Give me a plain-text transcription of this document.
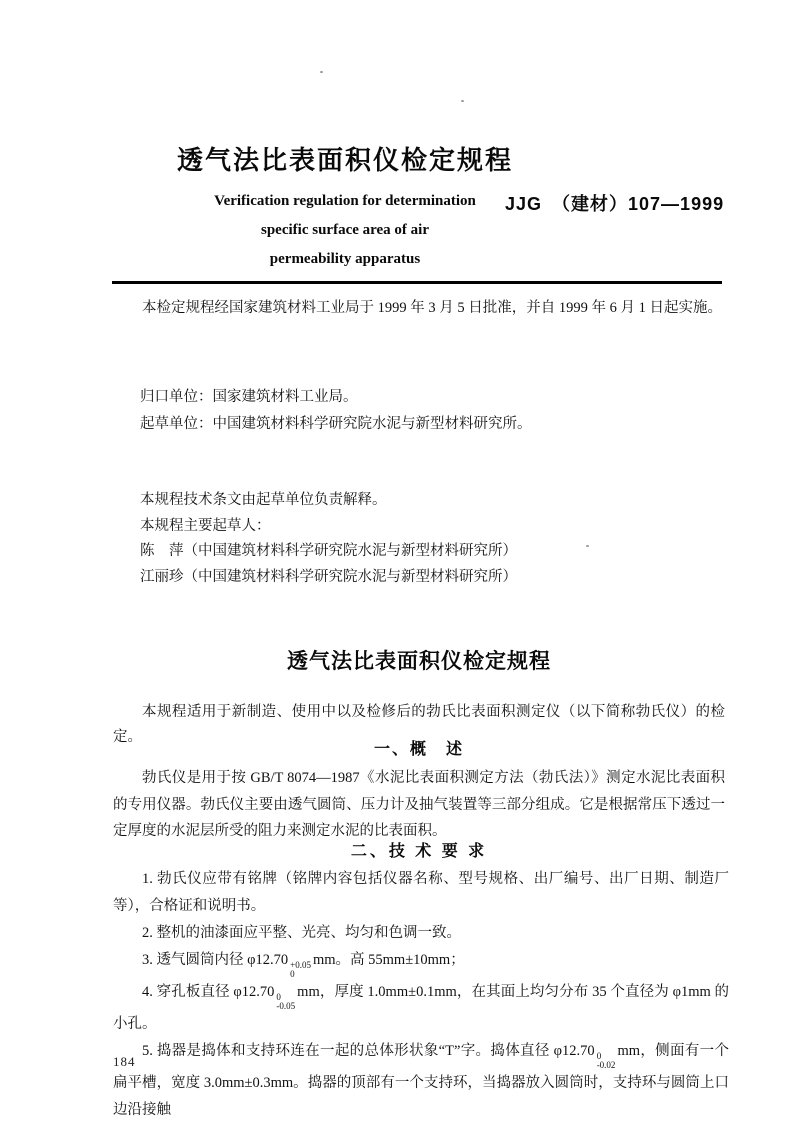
透气法比表面积仪检定规程

Verification regulation for determination

specific surface area of air

permeability apparatus

JJG　（建材）107—1999

本检定规程经国家建筑材料工业局于 1999 年 3 月 5 日批准，并自 1999 年 6 月 1 日起实施。

归口单位：国家建筑材料工业局。

起草单位：中国建筑材料科学研究院水泥与新型材料研究所。

本规程技术条文由起草单位负责解释。

本规程主要起草人：

陈　萍（中国建筑材料科学研究院水泥与新型材料研究所）

江丽珍（中国建筑材料科学研究院水泥与新型材料研究所）

透气法比表面积仪检定规程

本规程适用于新制造、使用中以及检修后的勃氏比表面积测定仪（以下简称勃氏仪）的检定。

一、概　述

勃氏仪是用于按 GB/T 8074—1987《水泥比表面积测定方法（勃氏法）》测定水泥比表面积的专用仪器。勃氏仪主要由透气圆筒、压力计及抽气装置等三部分组成。它是根据常压下透过一定厚度的水泥层所受的阻力来测定水泥的比表面积。

二、技 术 要 求

1. 勃氏仪应带有铭牌（铭牌内容包括仪器名称、型号规格、出厂编号、出厂日期、制造厂等），合格证和说明书。

2. 整机的油漆面应平整、光亮、均匀和色调一致。

3. 透气圆筒内径 φ12.70 +0.05
0
mm。高 55mm±10mm；

4. 穿孔板直径 φ12.70 0
-0.05
mm，厚度 1.0mm±0.1mm，在其面上均匀分布 35 个直径为 φ1mm 的小孔。

5. 捣器是捣体和支持环连在一起的总体形状象“T”字。捣体直径 φ12.70 0
-0.02
mm，侧面有一个扁平槽，宽度 3.0mm±0.3mm。捣器的顶部有一个支持环，当捣器放入圆筒时，支持环与圆筒上口边沿接触

184
